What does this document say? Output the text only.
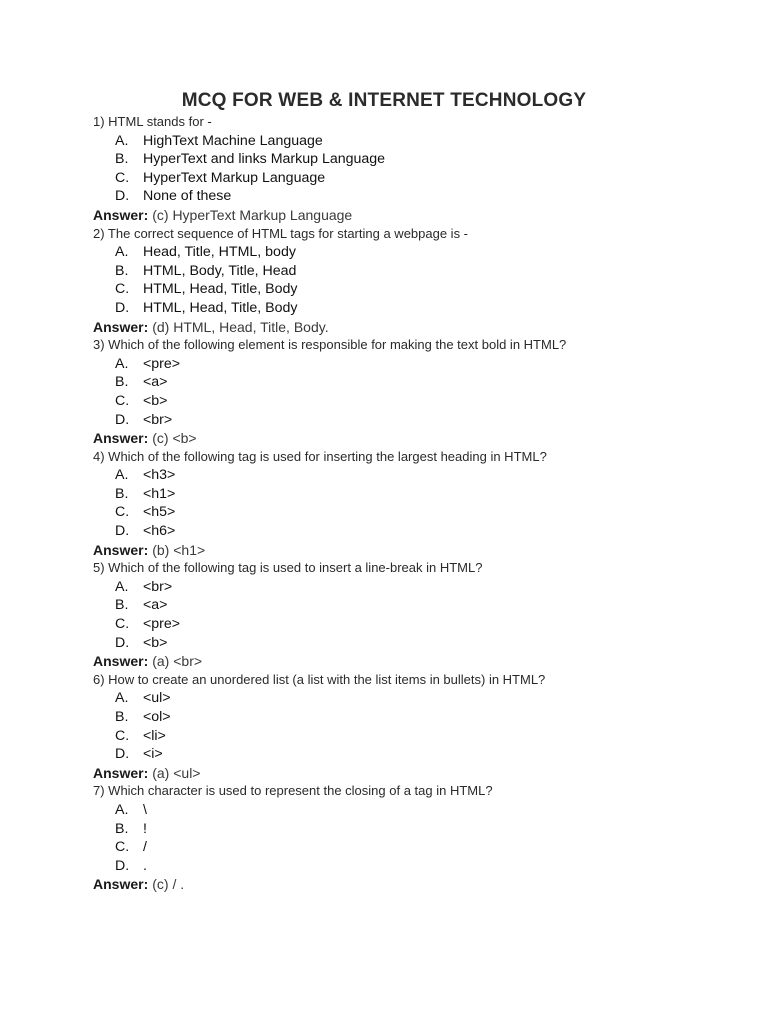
MCQ FOR WEB & INTERNET TECHNOLOGY
1) HTML stands for -
A. HighText Machine Language
B. HyperText and links Markup Language
C. HyperText Markup Language
D. None of these
Answer: (c) HyperText Markup Language
2) The correct sequence of HTML tags for starting a webpage is -
A. Head, Title, HTML, body
B. HTML, Body, Title, Head
C. HTML, Head, Title, Body
D. HTML, Head, Title, Body
Answer: (d) HTML, Head, Title, Body.
3) Which of the following element is responsible for making the text bold in HTML?
A. <pre>
B. <a>
C. <b>
D. <br>
Answer: (c) <b>
4) Which of the following tag is used for inserting the largest heading in HTML?
A. <h3>
B. <h1>
C. <h5>
D. <h6>
Answer: (b) <h1>
5) Which of the following tag is used to insert a line-break in HTML?
A. <br>
B. <a>
C. <pre>
D. <b>
Answer: (a) <br>
6) How to create an unordered list (a list with the list items in bullets) in HTML?
A. <ul>
B. <ol>
C. <li>
D. <i>
Answer: (a) <ul>
7) Which character is used to represent the closing of a tag in HTML?
A. \
B. !
C. /
D. .
Answer: (c) / .
